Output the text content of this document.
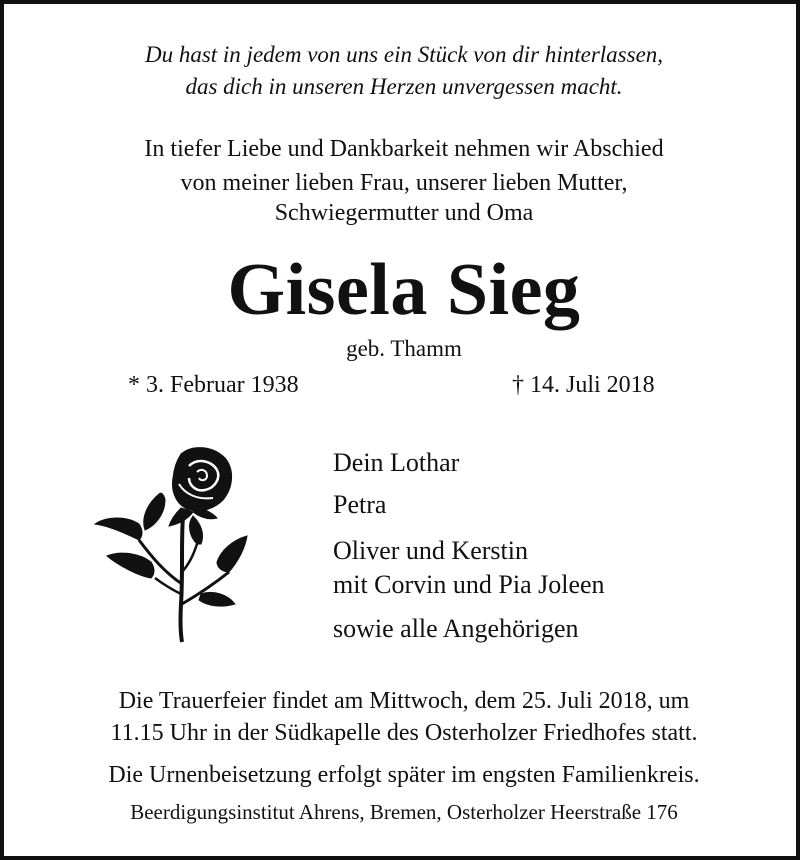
Du hast in jedem von uns ein Stück von dir hinterlassen,
das dich in unseren Herzen unvergessen macht.
In tiefer Liebe und Dankbarkeit nehmen wir Abschied
von meiner lieben Frau, unserer lieben Mutter,
Schwiegermutter und Oma
Gisela Sieg
geb. Thamm
* 3. Februar 1938	† 14. Juli 2018
Dein Lothar
Petra
Oliver und Kerstin
mit Corvin und Pia Joleen
sowie alle Angehörigen
Die Trauerfeier findet am Mittwoch, dem 25. Juli 2018, um
11.15 Uhr in der Südkapelle des Osterholzer Friedhofes statt.
Die Urnenbeisetzung erfolgt später im engsten Familienkreis.
Beerdigungsinstitut Ahrens, Bremen, Osterholzer Heerstraße 176
